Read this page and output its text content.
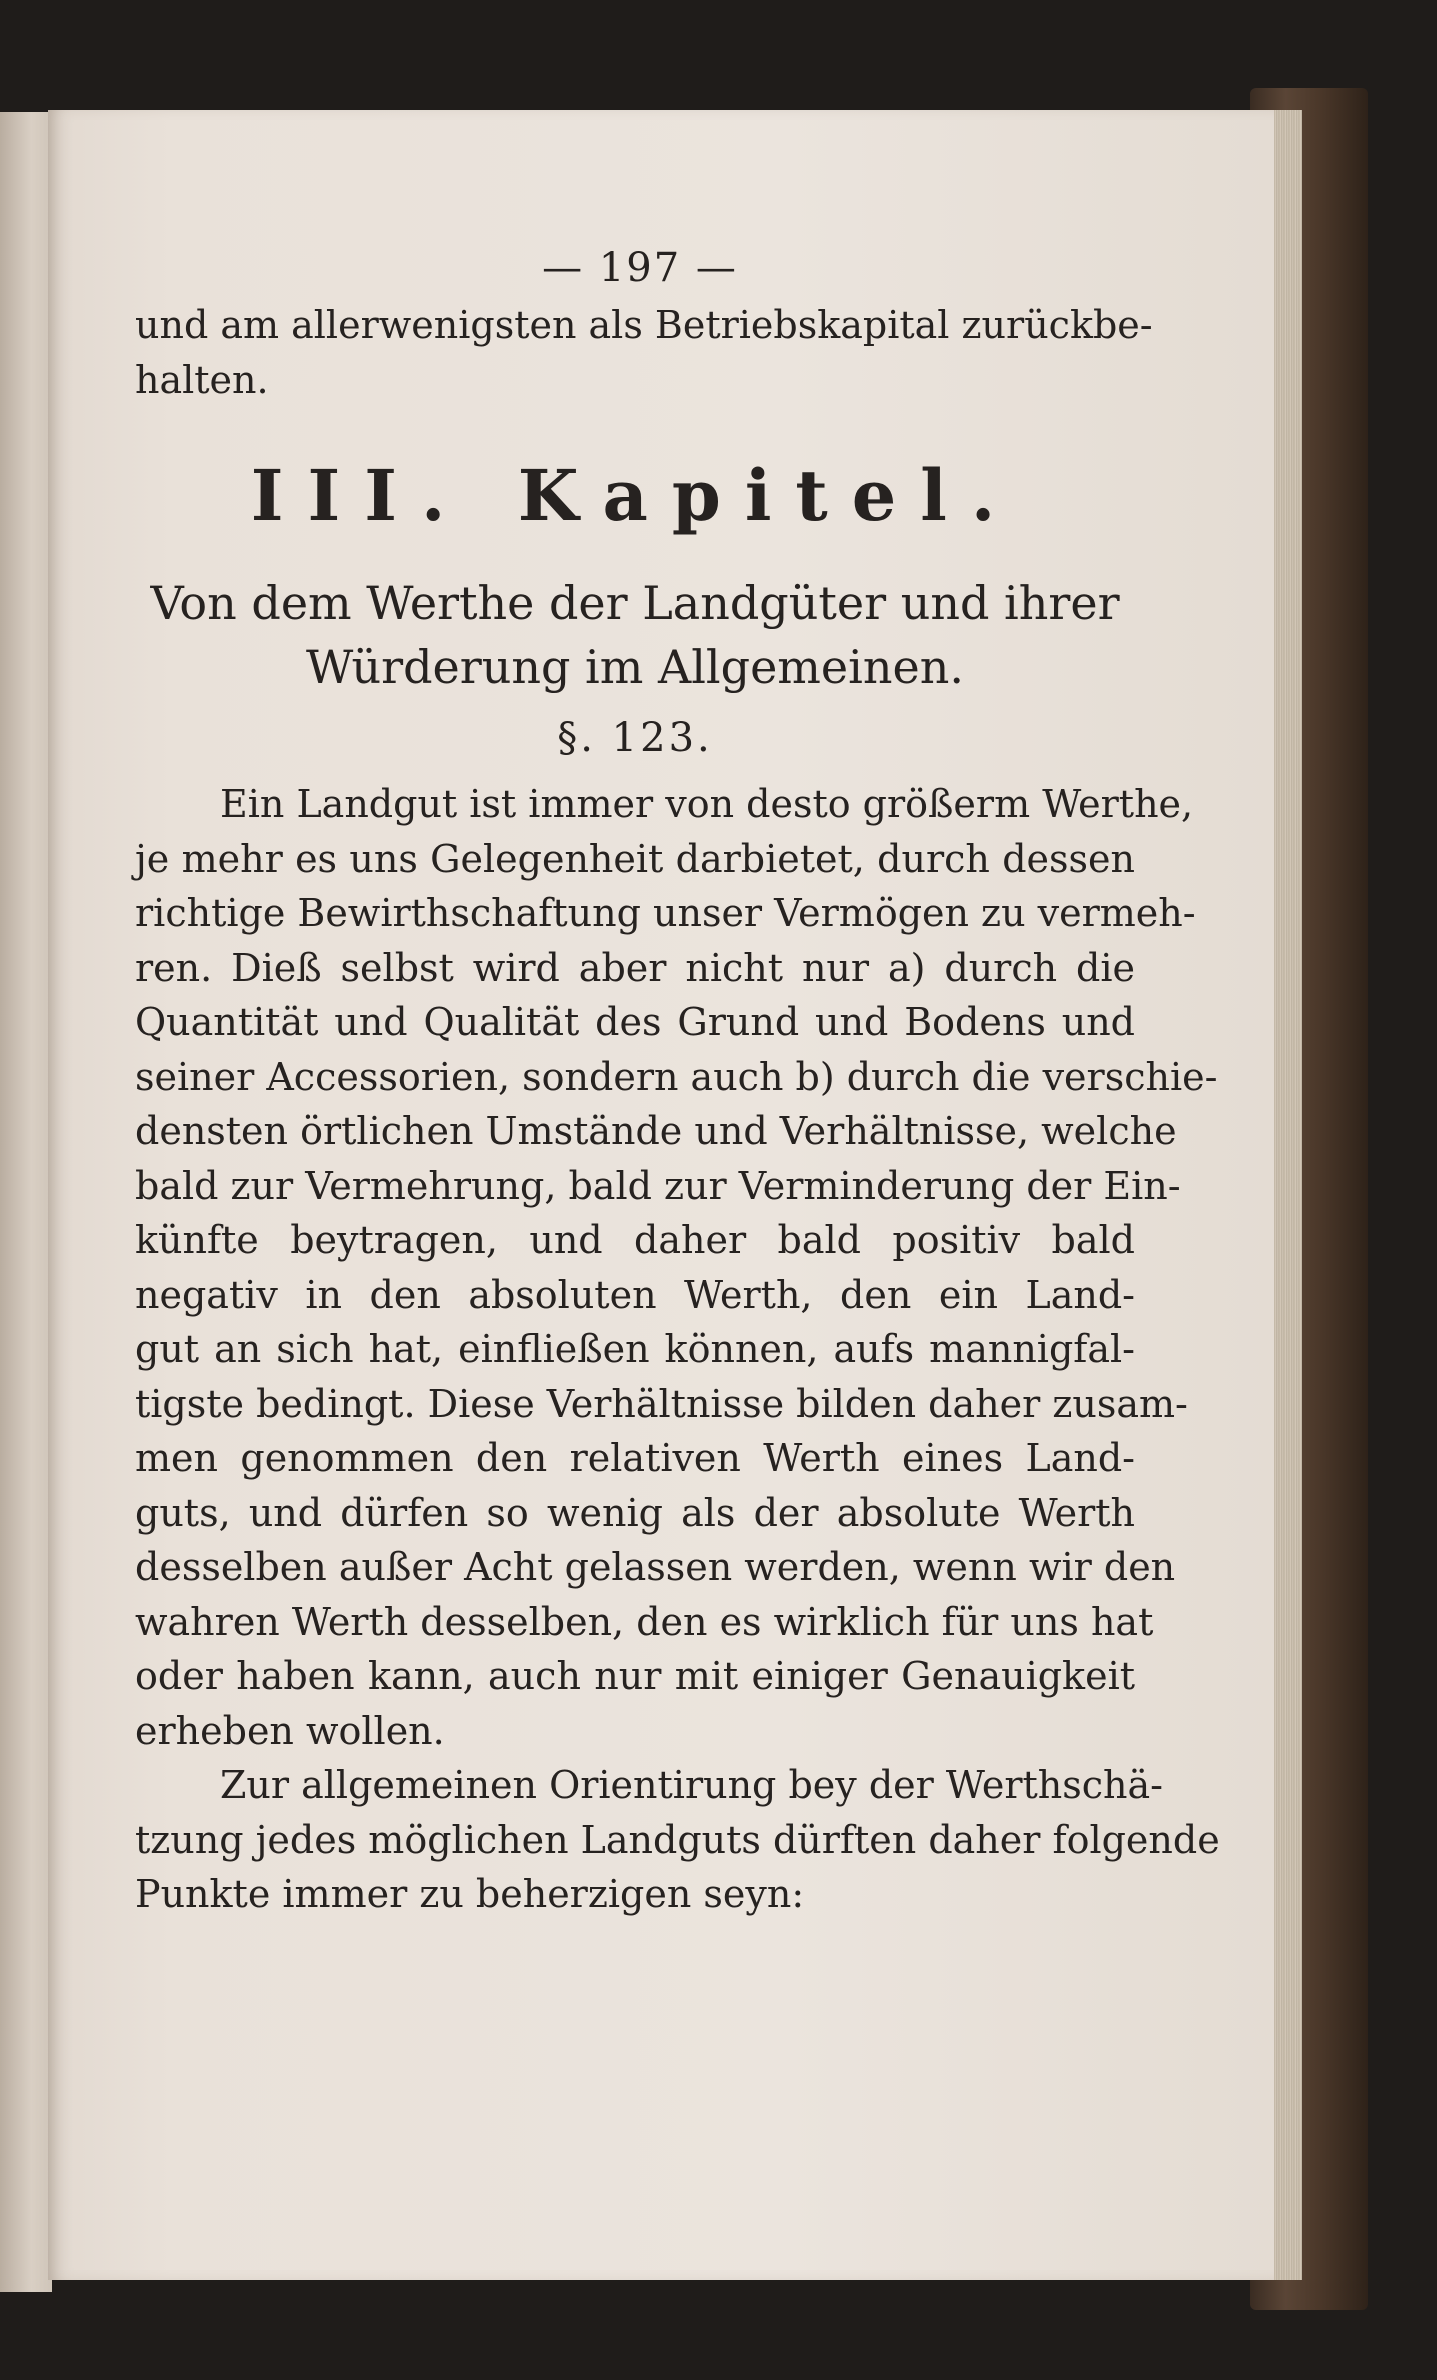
— 197 —
und am allerwenigsten als Betriebskapital zurückbe-
halten.
III. Kapitel.
Von dem Werthe der Landgüter und ihrer
Würderung im Allgemeinen.
§. 123.
Ein Landgut ist immer von desto größerm Werthe,
je mehr es uns Gelegenheit darbietet, durch dessen
richtige Bewirthschaftung unser Vermögen zu vermeh-
ren. Dieß selbst wird aber nicht nur a) durch die
Quantität und Qualität des Grund und Bodens und
seiner Accessorien, sondern auch b) durch die verschie-
densten örtlichen Umstände und Verhältnisse, welche
bald zur Vermehrung, bald zur Verminderung der Ein-
künfte beytragen, und daher bald positiv bald
negativ in den absoluten Werth, den ein Land-
gut an sich hat, einfließen können, aufs mannigfal-
tigste bedingt. Diese Verhältnisse bilden daher zusam-
men genommen den relativen Werth eines Land-
guts, und dürfen so wenig als der absolute Werth
desselben außer Acht gelassen werden, wenn wir den
wahren Werth desselben, den es wirklich für uns hat
oder haben kann, auch nur mit einiger Genauigkeit
erheben wollen.
Zur allgemeinen Orientirung bey der Werthschä-
tzung jedes möglichen Landguts dürften daher folgende
Punkte immer zu beherzigen seyn:
